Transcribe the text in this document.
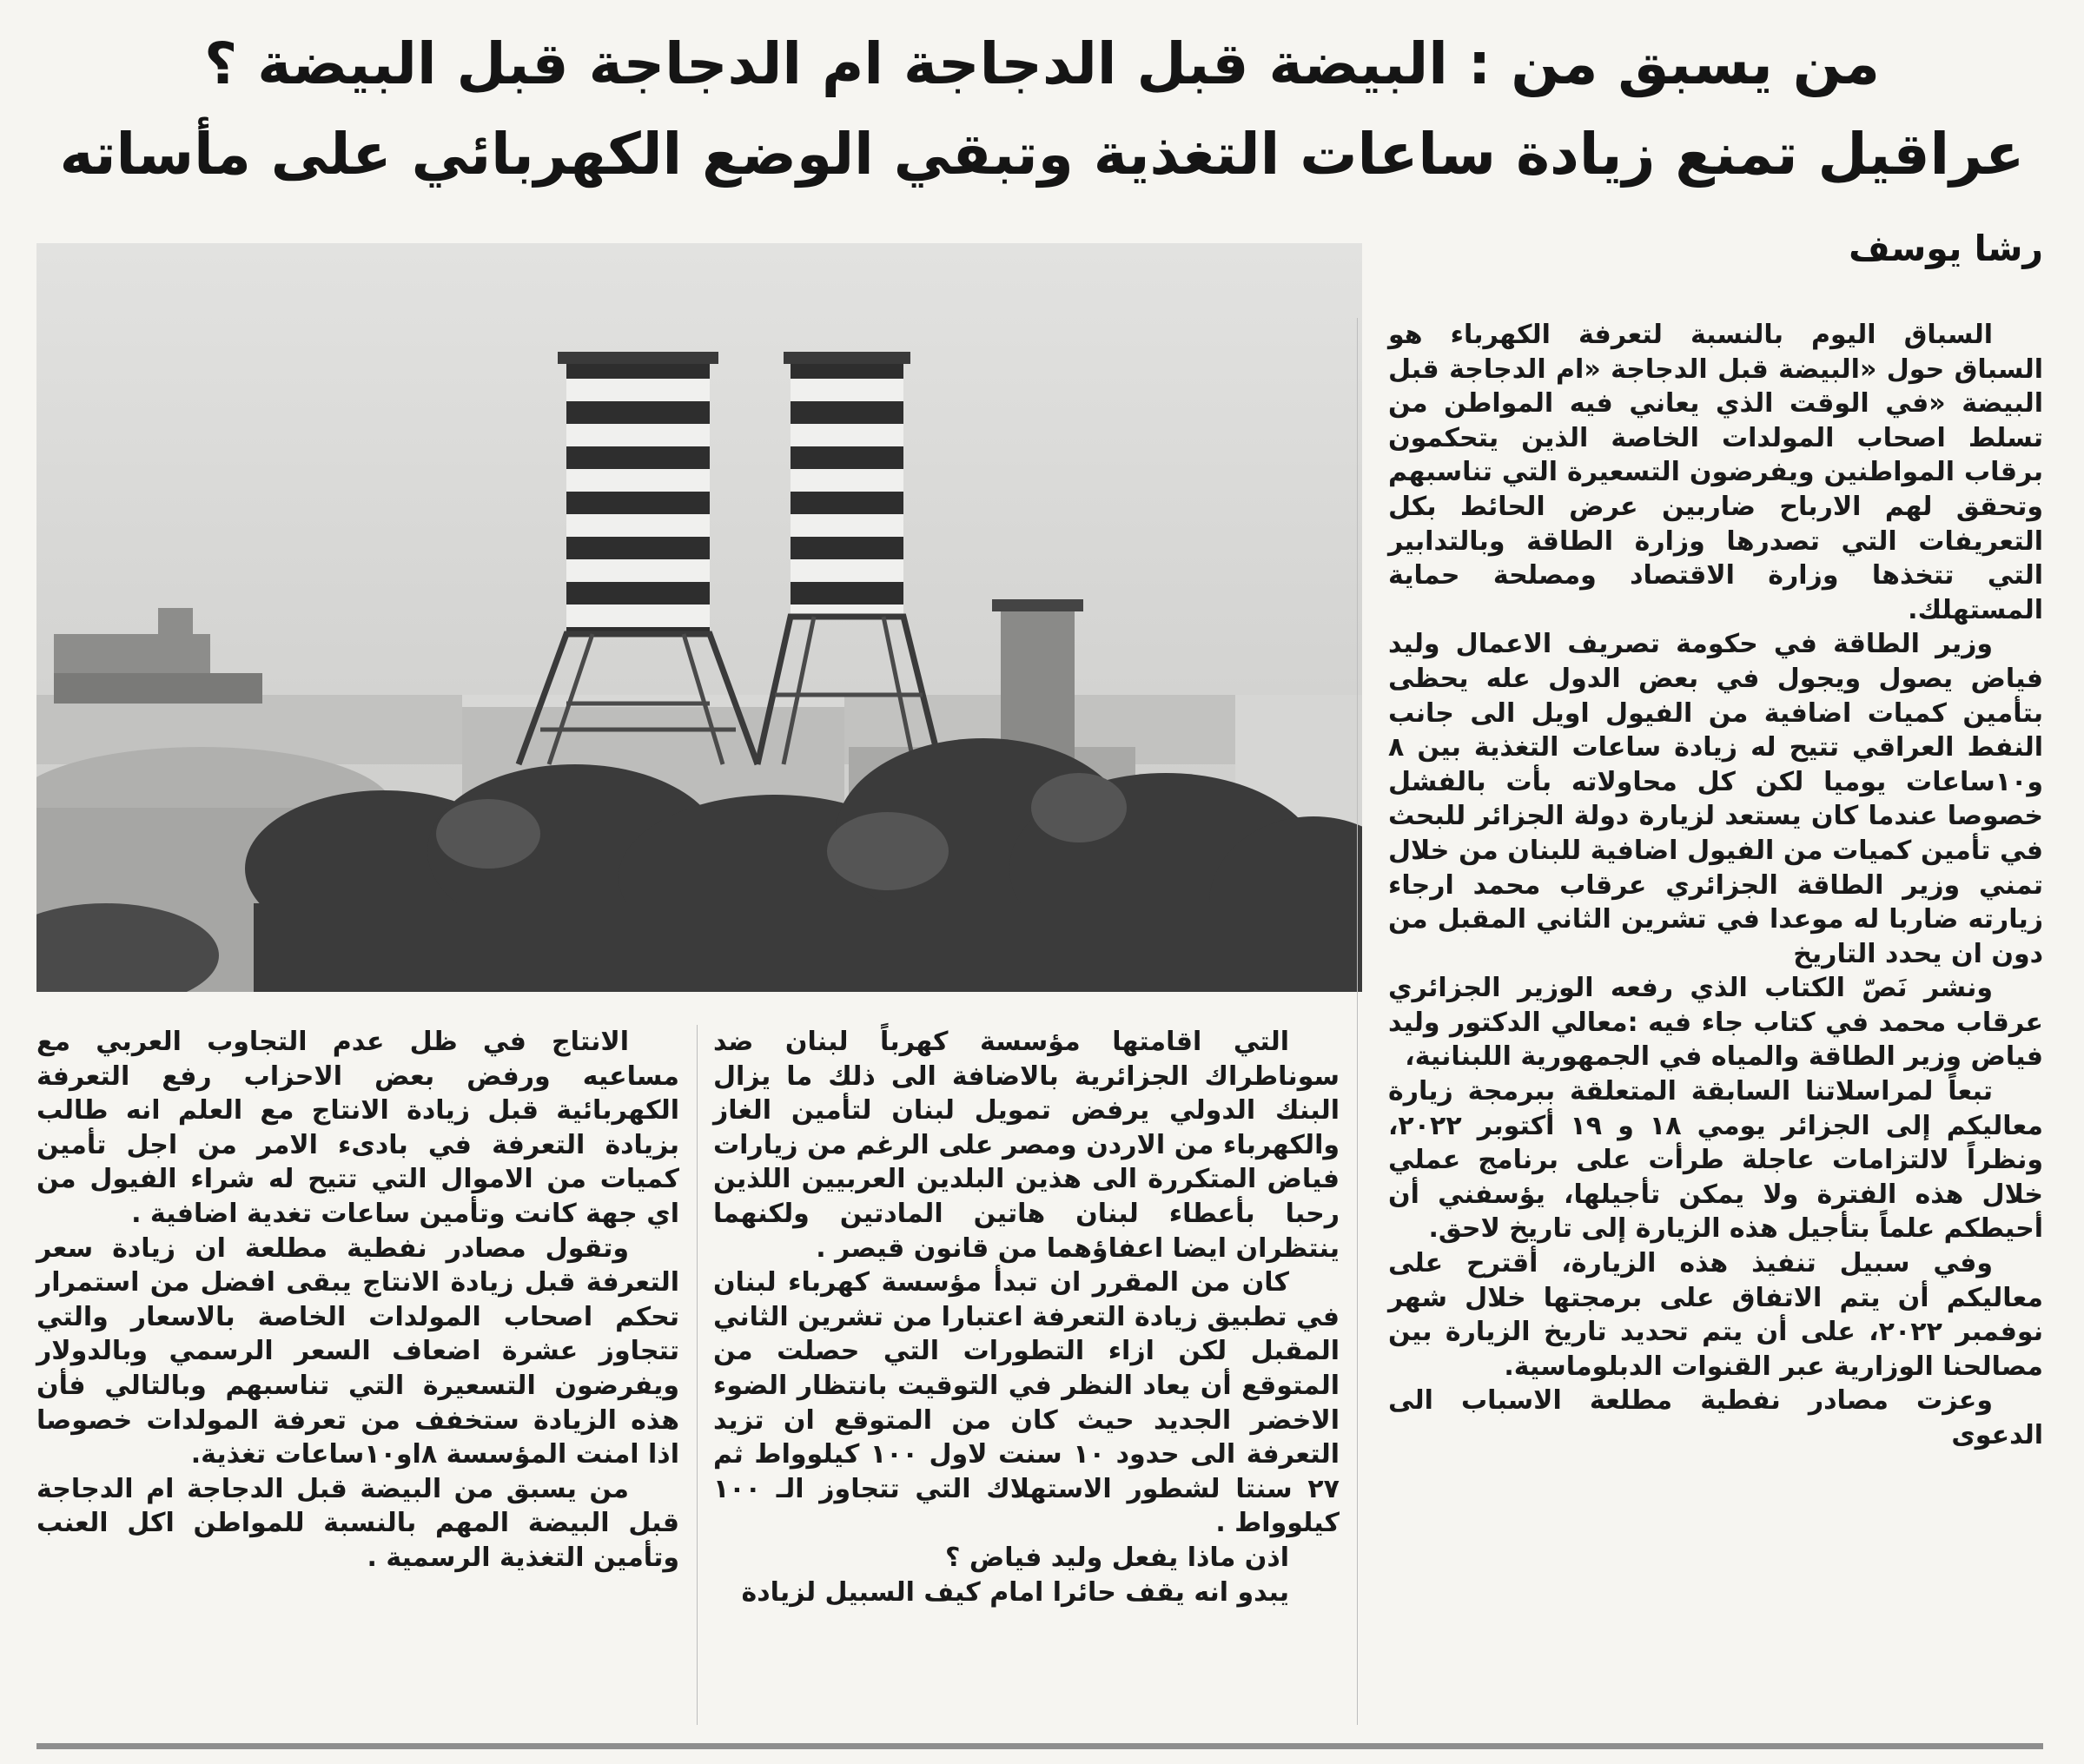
من يسبق من : البيضة قبل الدجاجة ام الدجاجة قبل البيضة ؟
عراقيل تمنع زيادة ساعات التغذية وتبقي الوضع الكهربائي على مأساته
رشا يوسف

السباق اليوم بالنسبة لتعرفة الكهرباء هو السباق حول «البيضة قبل الدجاجة «ام الدجاجة قبل البيضة «في الوقت الذي يعاني فيه المواطن من تسلط اصحاب المولدات الخاصة الذين يتحكمون برقاب المواطنين ويفرضون التسعيرة التي تناسبهم وتحقق لهم الارباح ضاربين عرض الحائط بكل التعريفات التي تصدرها وزارة الطاقة وبالتدابير التي تتخذها وزارة الاقتصاد ومصلحة حماية المستهلك.

وزير الطاقة في حكومة تصريف الاعمال وليد فياض يصول ويجول في بعض الدول عله يحظى بتأمين كميات اضافية من الفيول اويل الى جانب النفط العراقي تتيح له زيادة ساعات التغذية بين ٨ و١٠ساعات يوميا لكن كل محاولاته بأت بالفشل خصوصا عندما كان يستعد لزيارة دولة الجزائر للبحث في تأمين كميات من الفيول اضافية للبنان من خلال تمني وزير الطاقة الجزائري عرقاب محمد ارجاء زيارته ضاربا له موعدا في تشرين الثاني المقبل من دون ان يحدد التاريخ

ونشر نَصّ الكتاب الذي رفعه الوزير الجزائري عرقاب محمد في كتاب جاء فيه :معالي الدكتور وليد فياض وزير الطاقة والمياه في الجمهورية اللبنانية،

تبعاً لمراسلاتنا السابقة المتعلقة ببرمجة زيارة معاليكم إلى الجزائر يومي ١٨ و ١٩ أكتوبر ٢٠٢٢، ونظراً لالتزامات عاجلة طرأت على برنامج عملي خلال هذه الفترة ولا يمكن تأجيلها، يؤسفني أن أحيطكم علماً بتأجيل هذه الزيارة إلى تاريخ لاحق.

وفي سبيل تنفيذ هذه الزيارة، أقترح على معاليكم أن يتم الاتفاق على برمجتها خلال شهر نوفمبر ٢٠٢٢، على أن يتم تحديد تاريخ الزيارة بين مصالحنا الوزارية عبر القنوات الدبلوماسية.

وعزت مصادر نفطية مطلعة الاسباب الى الدعوى

التي اقامتها مؤسسة كهرباً لبنان ضد سوناطراك الجزائرية بالاضافة الى ذلك ما يزال البنك الدولي يرفض تمويل لبنان لتأمين الغاز والكهرباء من الاردن ومصر على الرغم من زيارات فياض المتكررة الى هذين البلدين العربيين اللذين رحبا بأعطاء لبنان هاتين المادتين ولكنهما ينتظران ايضا اعفاؤهما من قانون قيصر .

كان من المقرر ان تبدأ مؤسسة كهرباء لبنان في تطبيق زيادة التعرفة اعتبارا من تشرين الثاني المقبل لكن ازاء التطورات التي حصلت من المتوقع أن يعاد النظر في التوقيت بانتظار الضوء الاخضر الجديد حيث كان من المتوقع ان تزيد التعرفة الى حدود ١٠ سنت لاول ١٠٠ كيلوواط ثم ٢٧ سنتا لشطور الاستهلاك التي تتجاوز الـ ١٠٠ كيلوواط .

اذن ماذا يفعل وليد فياض ؟

يبدو انه يقف حائرا امام كيف السبيل لزيادة

الانتاج في ظل عدم التجاوب العربي مع مساعيه ورفض بعض الاحزاب رفع التعرفة الكهربائية قبل زيادة الانتاج مع العلم انه طالب بزيادة التعرفة في بادىء الامر من اجل تأمين كميات من الاموال التي تتيح له شراء الفيول من اي جهة كانت وتأمين ساعات تغدية اضافية .

وتقول مصادر نفطية مطلعة ان زيادة سعر التعرفة قبل زيادة الانتاج يبقى افضل من استمرار تحكم اصحاب المولدات الخاصة بالاسعار والتي تتجاوز عشرة اضعاف السعر الرسمي وبالدولار ويفرضون التسعيرة التي تناسبهم وبالتالي فأن هذه الزيادة ستخفف من تعرفة المولدات خصوصا اذا امنت المؤسسة ٨او١٠ساعات تغذية.

من يسبق من البيضة قبل الدجاجة ام الدجاجة قبل البيضة المهم بالنسبة للمواطن اكل العنب وتأمين التغذية الرسمية .
